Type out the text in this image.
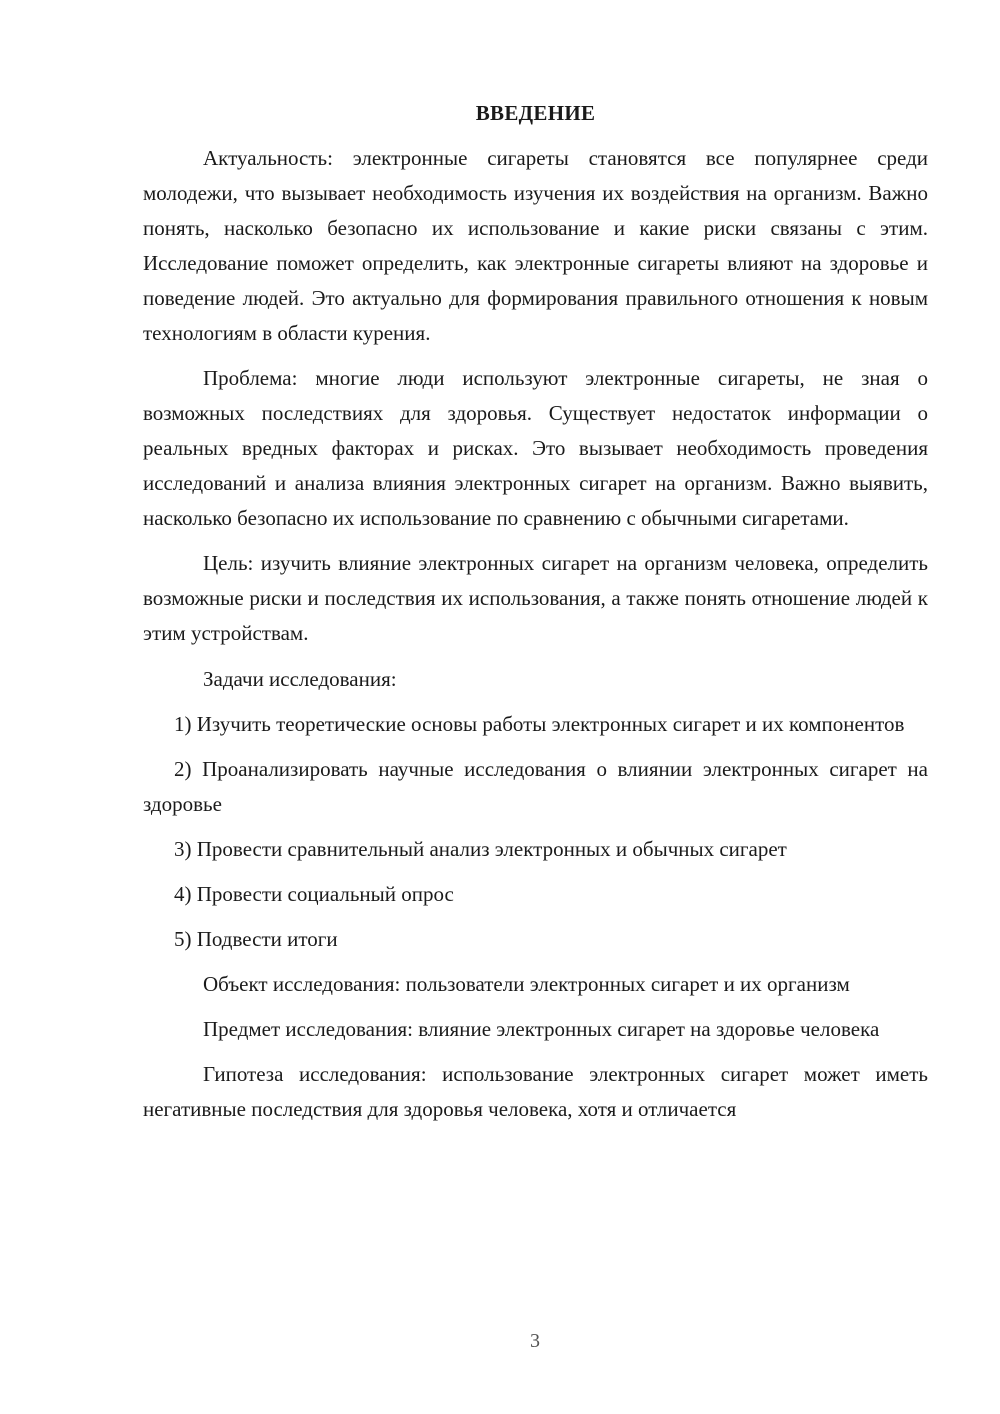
ВВЕДЕНИЕ

Актуальность: электронные сигареты становятся все популярнее среди молодежи, что вызывает необходимость изучения их воздействия на организм. Важно понять, насколько безопасно их использование и какие риски связаны с этим. Исследование поможет определить, как электронные сигареты влияют на здоровье и поведение людей. Это актуально для формирования правильного отношения к новым технологиям в области курения.

Проблема: многие люди используют электронные сигареты, не зная о возможных последствиях для здоровья. Существует недостаток информации о реальных вредных факторах и рисках. Это вызывает необходимость проведения исследований и анализа влияния электронных сигарет на организм. Важно выявить, насколько безопасно их использование по сравнению с обычными сигаретами.

Цель: изучить влияние электронных сигарет на организм человека, определить возможные риски и последствия их использования, а также понять отношение людей к этим устройствам.

Задачи исследования:

1) Изучить теоретические основы работы электронных сигарет и их компонентов

2) Проанализировать научные исследования о влиянии электронных сигарет на здоровье

3) Провести сравнительный анализ электронных и обычных сигарет

4) Провести социальный опрос

5) Подвести итоги

Объект исследования: пользователи электронных сигарет и их организм

Предмет исследования: влияние электронных сигарет на здоровье человека

Гипотеза исследования: использование электронных сигарет может иметь негативные последствия для здоровья человека, хотя и отличается

3
